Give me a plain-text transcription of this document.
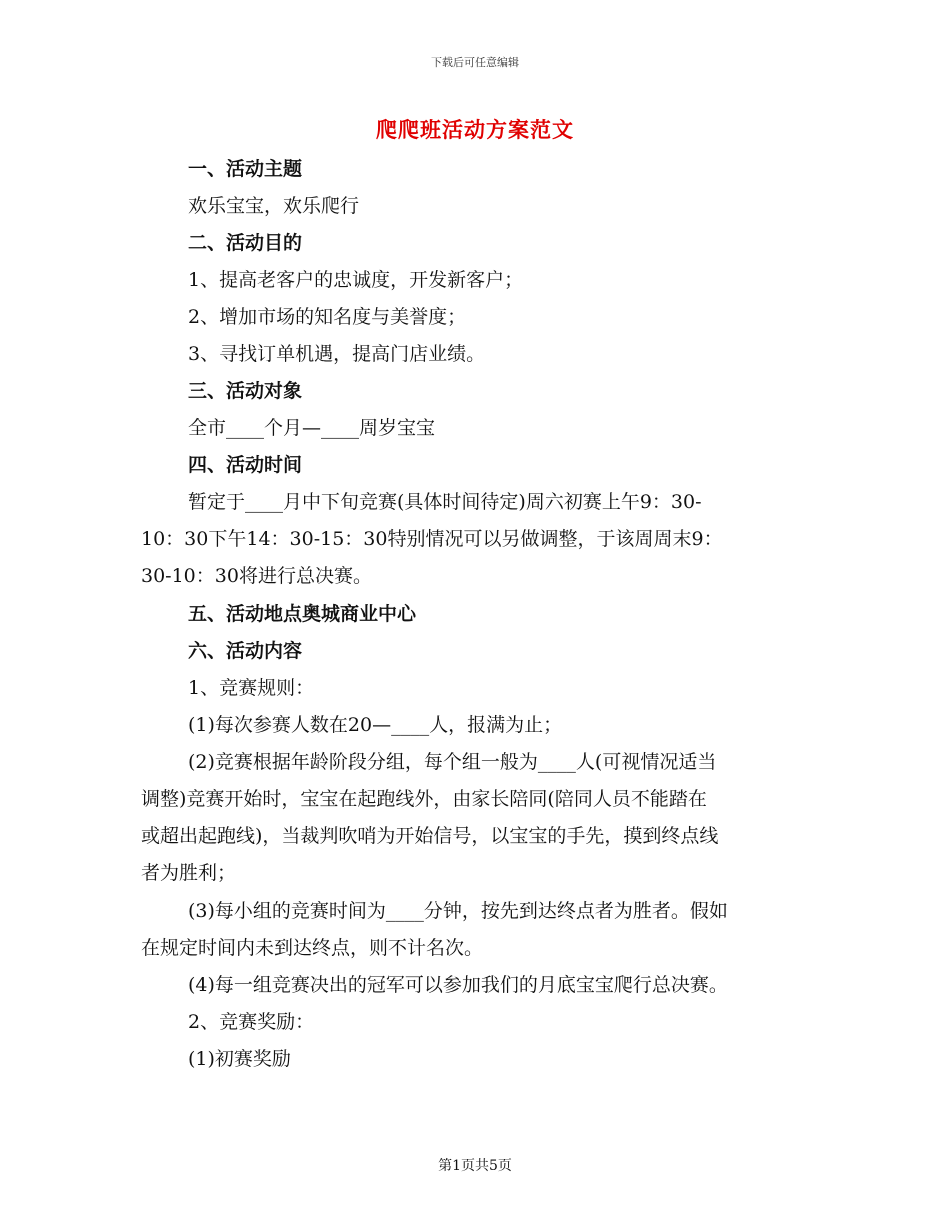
下载后可任意编辑
爬爬班活动方案范文
一、活动主题
欢乐宝宝，欢乐爬行
二、活动目的
1、提高老客户的忠诚度，开发新客户；
2、增加市场的知名度与美誉度；
3、寻找订单机遇，提高门店业绩。
三、活动对象
全市____个月—____周岁宝宝
四、活动时间
暂定于____月中下旬竞赛(具体时间待定)周六初赛上午9：30-
10：30下午14：30-15：30特别情况可以另做调整，于该周周末9：
30-10：30将进行总决赛。
五、活动地点奥城商业中心
六、活动内容
1、竞赛规则：
(1)每次参赛人数在20—____人，报满为止；
(2)竞赛根据年龄阶段分组，每个组一般为____人(可视情况适当
调整)竞赛开始时，宝宝在起跑线外，由家长陪同(陪同人员不能踏在
或超出起跑线)，当裁判吹哨为开始信号，以宝宝的手先，摸到终点线
者为胜利；
(3)每小组的竞赛时间为____分钟，按先到达终点者为胜者。假如
在规定时间内未到达终点，则不计名次。
(4)每一组竞赛决出的冠军可以参加我们的月底宝宝爬行总决赛。
2、竞赛奖励：
(1)初赛奖励
第1页共5页
